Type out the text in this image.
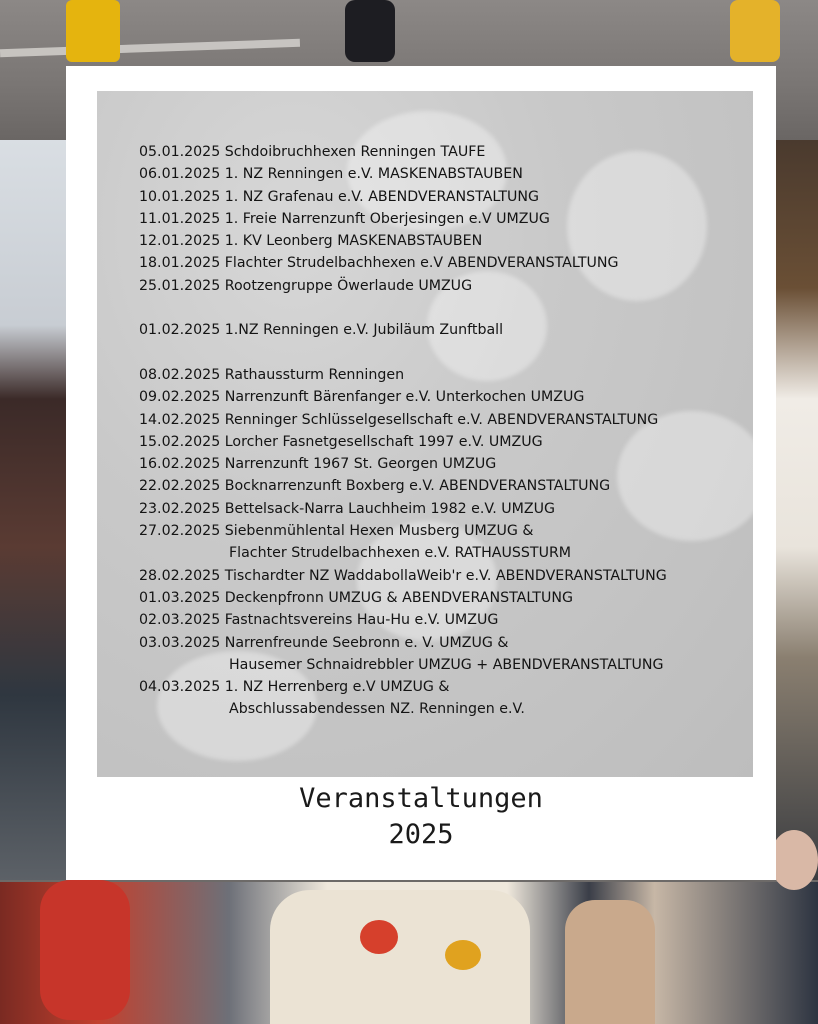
05.01.2025 Schdoibruchhexen Renningen TAUFE
06.01.2025 1. NZ Renningen e.V. MASKENABSTAUBEN
10.01.2025 1. NZ Grafenau e.V. ABENDVERANSTALTUNG
11.01.2025 1. Freie Narrenzunft Oberjesingen e.V UMZUG
12.01.2025 1. KV Leonberg MASKENABSTAUBEN
18.01.2025 Flachter Strudelbachhexen e.V ABENDVERANSTALTUNG
25.01.2025 Rootzengruppe Öwerlaude UMZUG
01.02.2025 1.NZ Renningen e.V. Jubiläum Zunftball
08.02.2025 Rathaussturm Renningen
09.02.2025 Narrenzunft Bärenfanger e.V. Unterkochen UMZUG
14.02.2025 Renninger Schlüsselgesellschaft e.V. ABENDVERANSTALTUNG
15.02.2025 Lorcher Fasnetgesellschaft 1997 e.V. UMZUG
16.02.2025 Narrenzunft 1967 St. Georgen UMZUG
22.02.2025 Bocknarrenzunft Boxberg e.V. ABENDVERANSTALTUNG
23.02.2025 Bettelsack-Narra Lauchheim 1982 e.V. UMZUG
27.02.2025 Siebenmühlental Hexen Musberg UMZUG &
Flachter Strudelbachhexen e.V. RATHAUSSTURM
28.02.2025 Tischardter NZ WaddabollaWeib'r e.V. ABENDVERANSTALTUNG
01.03.2025 Deckenpfronn UMZUG & ABENDVERANSTALTUNG
02.03.2025 Fastnachtsvereins Hau-Hu e.V. UMZUG
03.03.2025 Narrenfreunde Seebronn e. V. UMZUG &
Hausemer Schnaidrebbler UMZUG + ABENDVERANSTALTUNG
04.03.2025 1. NZ Herrenberg e.V UMZUG &
Abschlussabendessen NZ. Renningen e.V.
Veranstaltungen
2025
